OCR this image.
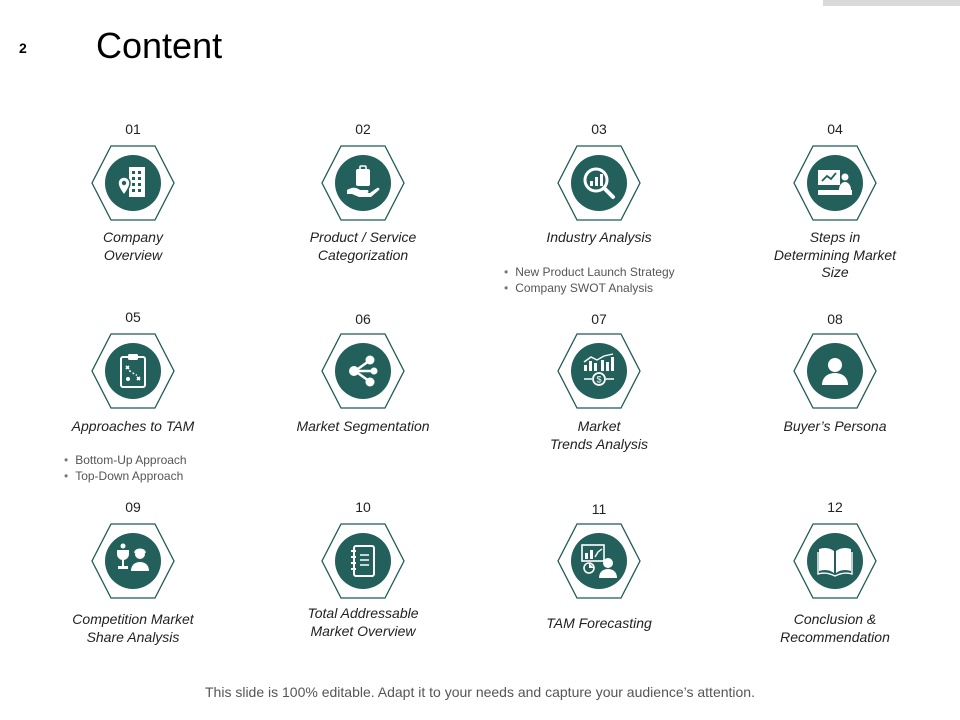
2 Content
01
Company
Overview
02
Product / Service
Categorization
03
Industry Analysis
• New Product Launch Strategy
• Company SWOT Analysis
04
Steps in
Determining Market
Size
05
Approaches to TAM
• Bottom-Up Approach
• Top-Down Approach
06
Market Segmentation
07
$
Market
Trends Analysis
08
Buyer’s Persona
09
Competition Market
Share Analysis
10
Total Addressable
Market Overview
11
TAM Forecasting
12
Conclusion &
Recommendation
This slide is 100% editable. Adapt it to your needs and capture your audience’s attention.
